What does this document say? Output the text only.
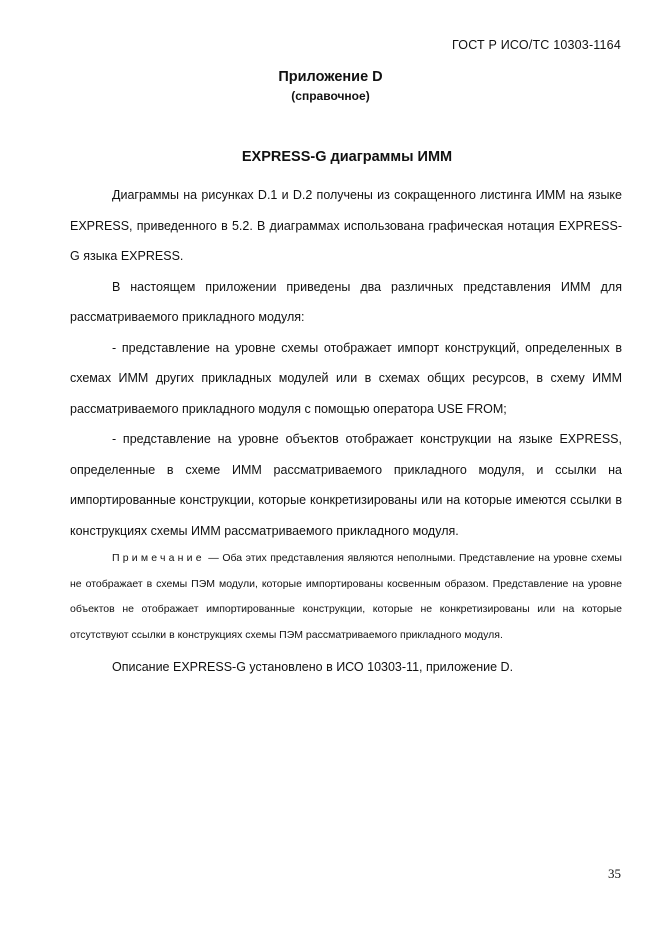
ГОСТ Р ИСО/ТС 10303-1164
Приложение D
(справочное)
EXPRESS-G диаграммы ИММ

Диаграммы на рисунках D.1 и D.2 получены из сокращенного листинга ИММ на языке EXPRESS, приведенного в 5.2. В диаграммах использована графическая нотация EXPRESS-G языка EXPRESS.

В настоящем приложении приведены два различных представления ИММ для рассматриваемого прикладного модуля:

- представление на уровне схемы отображает импорт конструкций, определенных в схемах ИММ других прикладных модулей или в схемах общих ресурсов, в схему ИММ рассматриваемого прикладного модуля с помощью оператора USE FROM;

- представление на уровне объектов отображает конструкции на языке EXPRESS, определенные в схеме ИММ рассматриваемого прикладного модуля, и ссылки на импортированные конструкции, которые конкретизированы или на которые имеются ссылки в конструкциях схемы ИММ рассматриваемого прикладного модуля.

Примечание — Оба этих представления являются неполными. Представление на уровне схемы не отображает в схемы ПЭМ модули, которые импортированы косвенным образом. Представление на уровне объектов не отображает импортированные конструкции, которые не конкретизированы или на которые отсутствуют ссылки в конструкциях схемы ПЭМ рассматриваемого прикладного модуля.

Описание EXPRESS-G установлено в ИСО 10303-11, приложение D.

35
